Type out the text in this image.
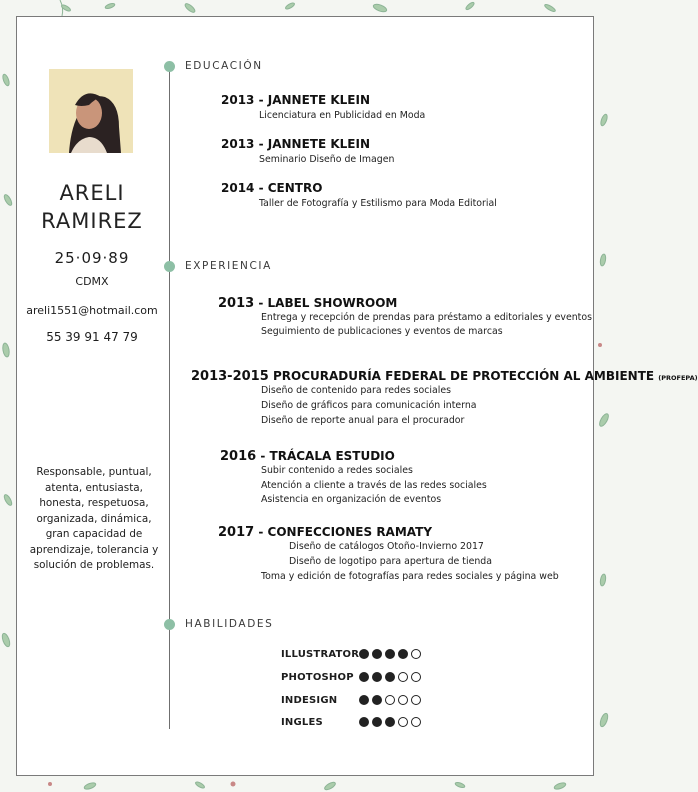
ARELI
RAMIREZ
25·09·89
CDMX
areli1551@hotmail.com
55 39 91 47 79
Responsable, puntual, atenta, entusiasta, honesta, respetuosa, organizada, dinámica, gran capacidad de aprendizaje, tolerancia y solución de problemas.
EDUCACIÓN
2013 - JANNETE KLEIN
Licenciatura en Publicidad en Moda
2013 - JANNETE KLEIN
Seminario Diseño de Imagen
2014 - CENTRO
Taller de Fotografía y Estilismo para Moda Editorial
EXPERIENCIA
2013 - LABEL SHOWROOM
Entrega y recepción de prendas para préstamo a editoriales y eventos
Seguimiento de publicaciones y eventos de marcas
2013-2015 PROCURADURÍA FEDERAL DE PROTECCIÓN AL AMBIENTE (PROFEPA)
Diseño de contenido para redes sociales
Diseño de gráficos para comunicación interna
Diseño de reporte anual para el procurador
2016 - TRÁCALA ESTUDIO
Subir contenido a redes sociales
Atención a cliente a través de las redes sociales
Asistencia en organización de eventos
2017 - CONFECCIONES RAMATY
Diseño de catálogos Otoño-Invierno 2017
Diseño de logotipo para apertura de tienda
Toma y edición de fotografías para redes sociales y página web
HABILIDADES
ILLUSTRATOR
PHOTOSHOP
INDESIGN
INGLES
